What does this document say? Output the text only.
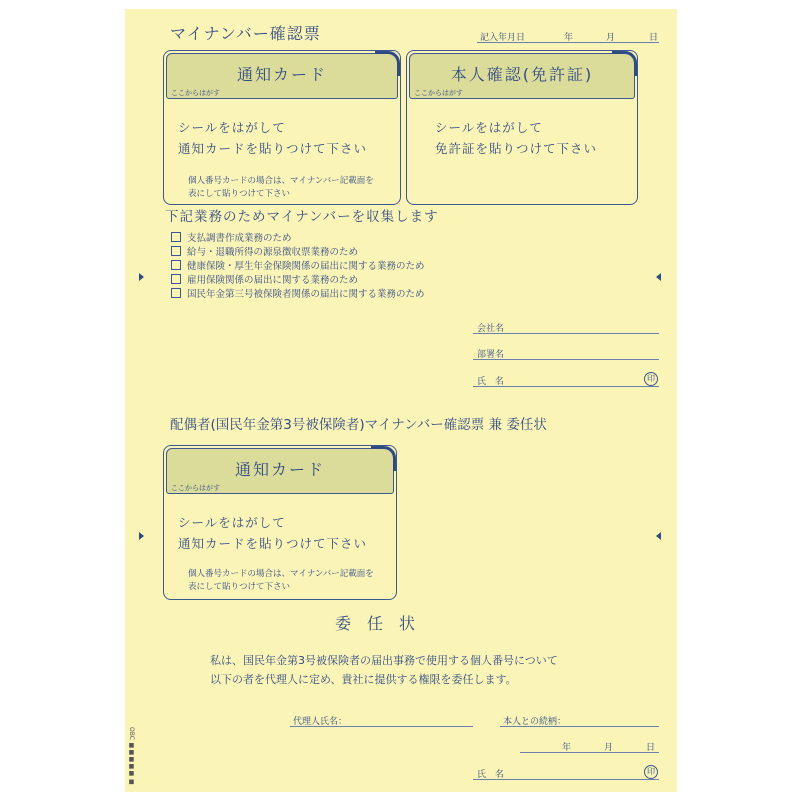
マイナンバー確認票	記入年月日	年	月	日
通知カード
ここからはがす
シールをはがして
通知カードを貼りつけて下さい
個人番号カードの場合は、マイナンバー記載面を
表にして貼りつけて下さい
本人確認(免許証)
ここからはがす
シールをはがして
免許証を貼りつけて下さい
下記業務のためマイナンバーを収集します
支払調書作成業務のため
給与・退職所得の源泉徴収票業務のため
健康保険・厚生年金保険関係の届出に関する業務のため
雇用保険関係の届出に関する業務のため
国民年金第三号被保険者関係の届出に関する業務のため
会社名
部署名
氏　名	印
配偶者(国民年金第3号被保険者)マイナンバー確認票 兼 委任状
通知カード
ここからはがす
シールをはがして
通知カードを貼りつけて下さい
個人番号カードの場合は、マイナンバー記載面を
表にして貼りつけて下さい
委　任　状
私は、国民年金第3号被保険者の届出事務で使用する個人番号について
以下の者を代理人に定め、貴社に提供する権限を委任します。
代理人氏名：	本人との続柄：
年	月	日
氏　名	印
OBC ■■■■■ ■
